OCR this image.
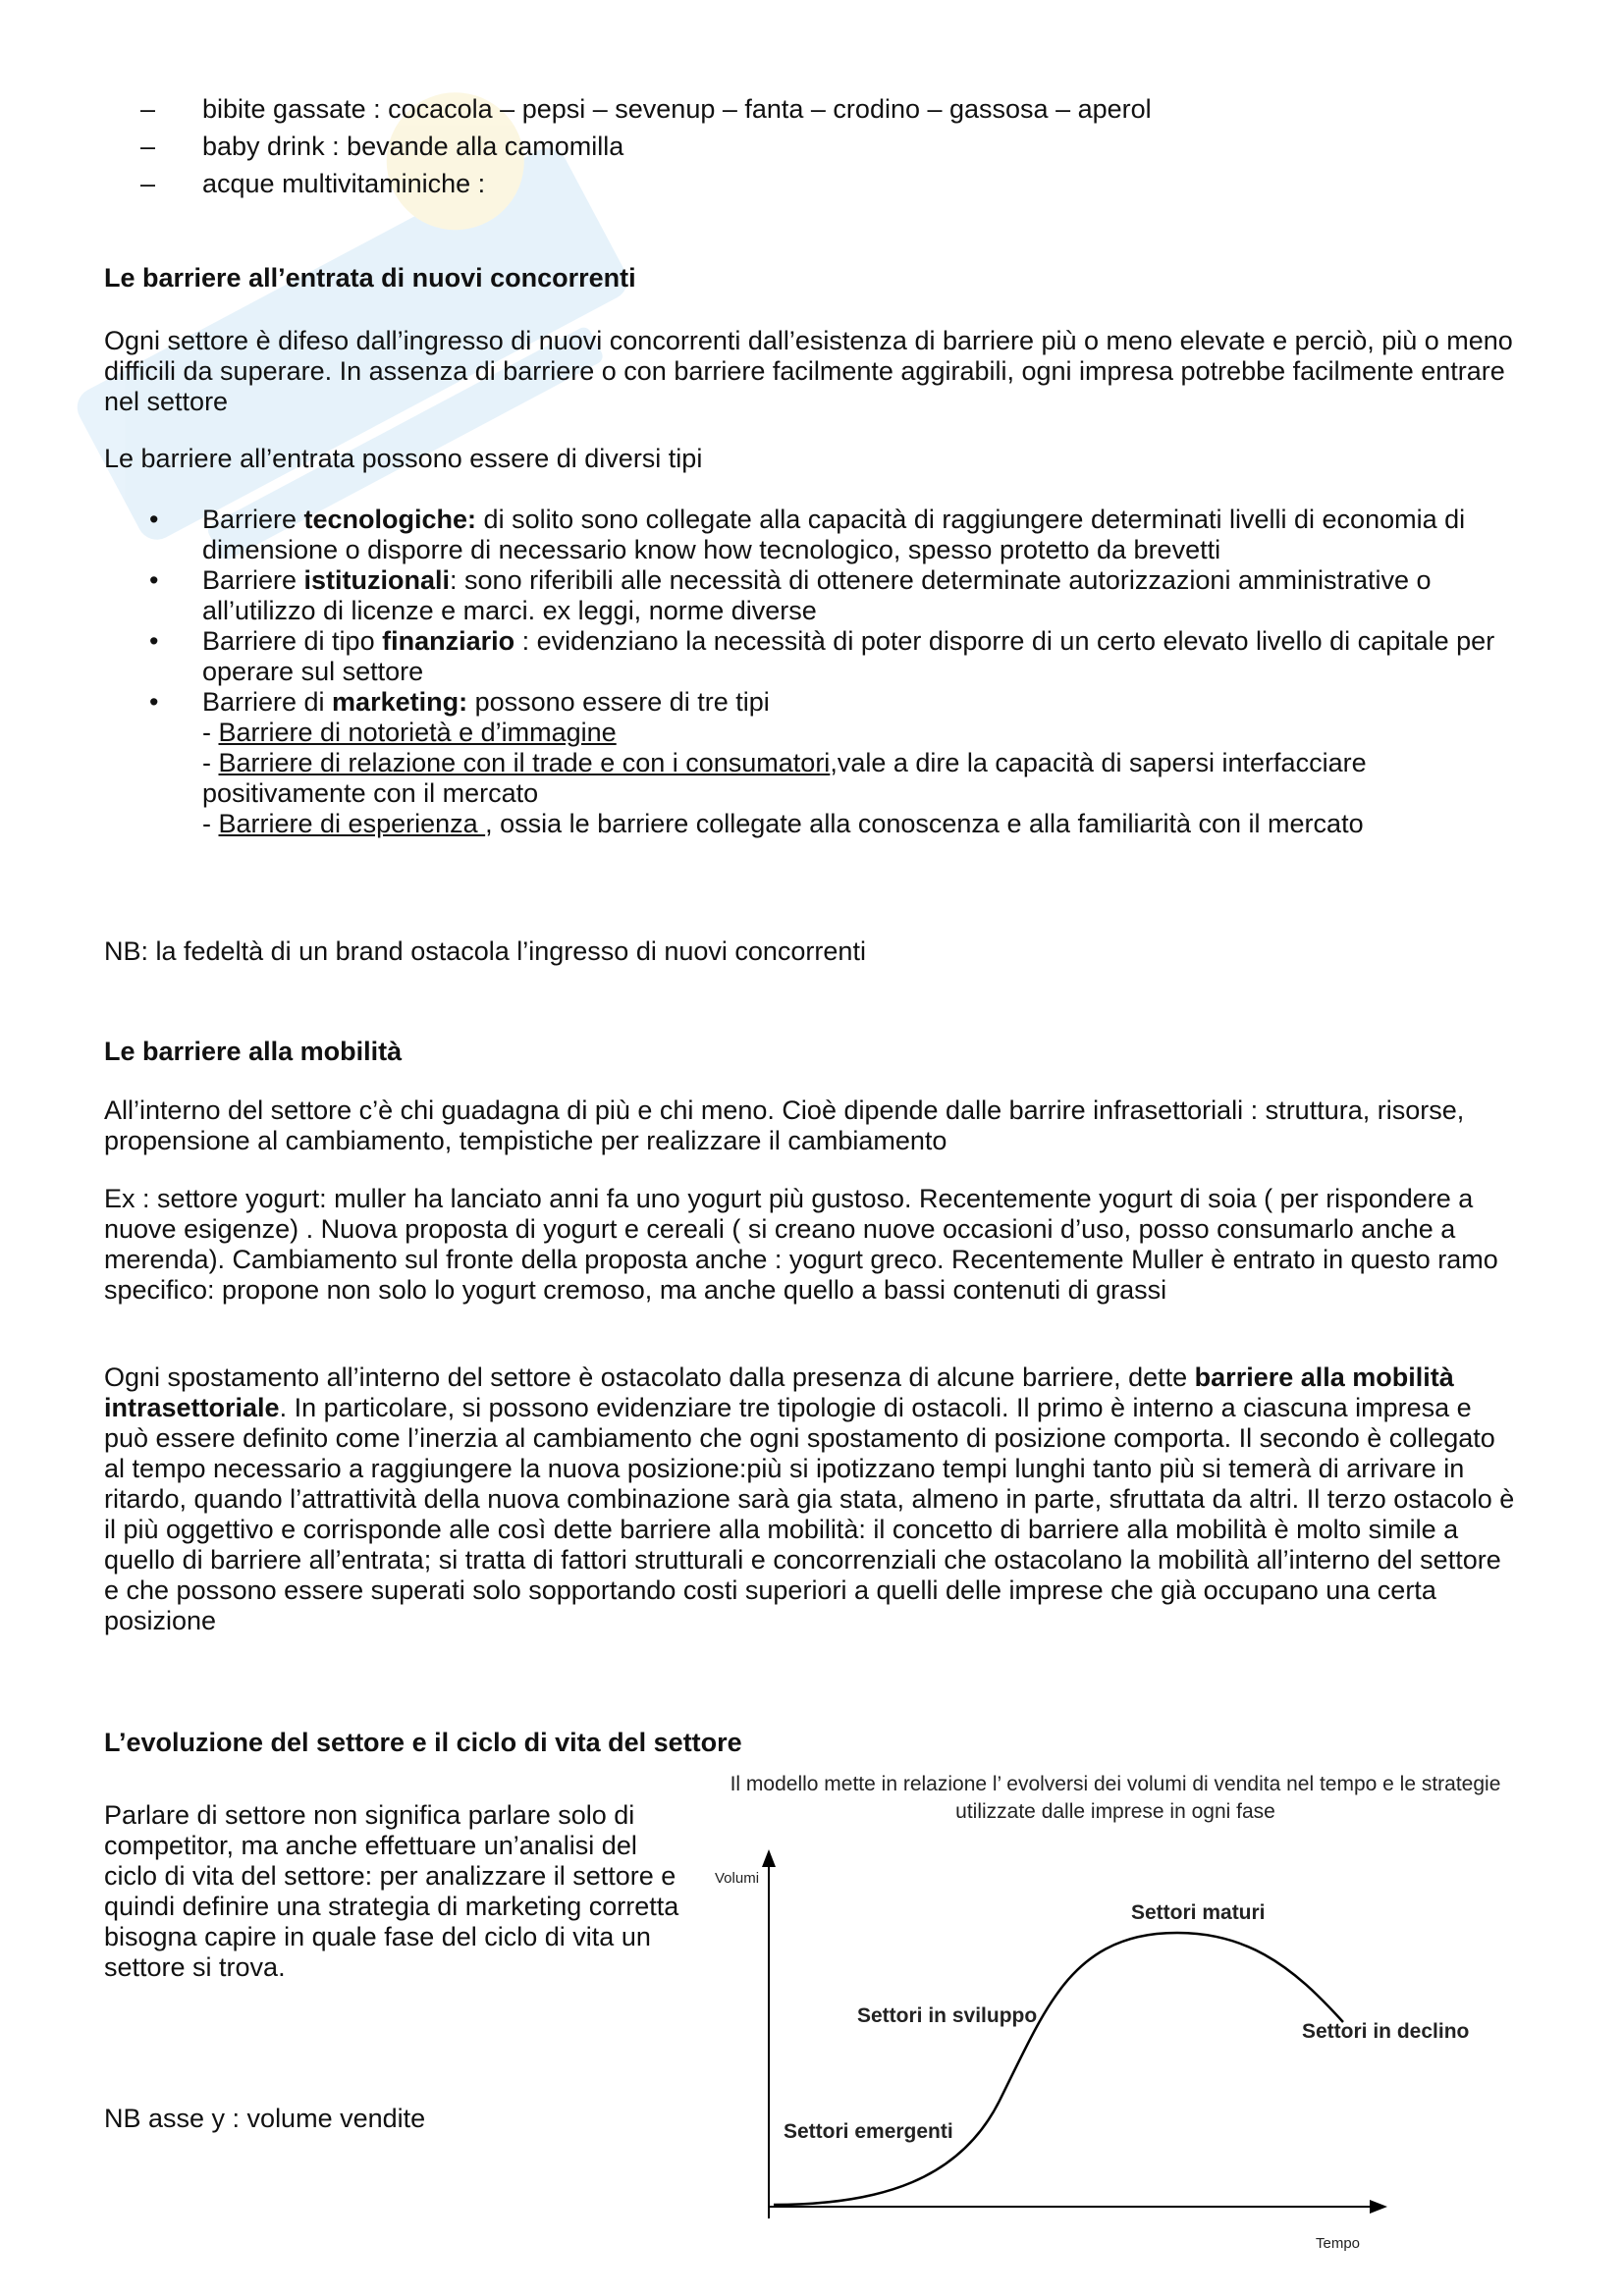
– bibite gassate : cocacola – pepsi – sevenup – fanta – crodino – gassosa – aperol
– baby drink : bevande alla camomilla
– acque multivitaminiche :
Le barriere all’entrata di nuovi concorrenti

Ogni settore è difeso dall’ingresso di nuovi concorrenti dall’esistenza di barriere più o meno elevate e perciò, più o meno difficili da superare. In assenza di barriere o con barriere facilmente aggirabili, ogni impresa potrebbe facilmente entrare nel settore

Le barriere all’entrata possono essere di diversi tipi

• Barriere tecnologiche: di solito sono collegate alla capacità di raggiungere determinati livelli di economia di dimensione o disporre di necessario know how tecnologico, spesso protetto da brevetti
• Barriere istituzionali: sono riferibili alle necessità di ottenere determinate autorizzazioni amministrative o all’utilizzo di licenze e marci. ex leggi, norme diverse
• Barriere di tipo finanziario : evidenziano la necessità di poter disporre di un certo elevato livello di capitale per operare sul settore
• Barriere di marketing: possono essere di tre tipi
- Barriere di notorietà e d’immagine
- Barriere di relazione con il trade e con i consumatori,vale a dire la capacità di sapersi interfacciare positivamente con il mercato
- Barriere di esperienza , ossia le barriere collegate alla conoscenza e alla familiarità con il mercato

NB: la fedeltà di un brand ostacola l’ingresso di nuovi concorrenti

Le barriere alla mobilità

All’interno del settore c’è chi guadagna di più e chi meno. Cioè dipende dalle barrire infrasettoriali : struttura, risorse, propensione al cambiamento, tempistiche per realizzare il cambiamento

Ex : settore yogurt: muller ha lanciato anni fa uno yogurt più gustoso. Recentemente yogurt di soia ( per rispondere a nuove esigenze) . Nuova proposta di yogurt e cereali ( si creano nuove occasioni d’uso, posso consumarlo anche a merenda). Cambiamento sul fronte della proposta anche : yogurt greco. Recentemente Muller è entrato in questo ramo specifico: propone non solo lo yogurt cremoso, ma anche quello a bassi contenuti di grassi

Ogni spostamento all’interno del settore è ostacolato dalla presenza di alcune barriere, dette barriere alla mobilità intrasettoriale. In particolare, si possono evidenziare tre tipologie di ostacoli. Il primo è interno a ciascuna impresa e può essere definito come l’inerzia al cambiamento che ogni spostamento di posizione comporta. Il secondo è collegato al tempo necessario a raggiungere la nuova posizione:più si ipotizzano tempi lunghi tanto più si temerà di arrivare in ritardo, quando l’attrattività della nuova combinazione sarà gia stata, almeno in parte, sfruttata da altri. Il terzo ostacolo è il più oggettivo e corrisponde alle così dette barriere alla mobilità: il concetto di barriere alla mobilità è molto simile a quello di barriere all’entrata; si tratta di fattori strutturali e concorrenziali che ostacolano la mobilità all’interno del settore e che possono essere superati solo sopportando costi superiori a quelli delle imprese che già occupano una certa posizione

L’evoluzione del settore e il ciclo di vita del settore

Parlare di settore non significa parlare solo di competitor, ma anche effettuare un’analisi del ciclo di vita del settore: per analizzare il settore e quindi definire una strategia di marketing corretta bisogna capire in quale fase del ciclo di vita un settore si trova.

NB asse y : volume vendite

Il modello mette in relazione l’ evolversi dei volumi di vendita nel tempo e le strategie
utilizzate dalle imprese in ogni fase
Volumi
Tempo
Settori emergenti
Settori in sviluppo
Settori maturi
Settori in declino
